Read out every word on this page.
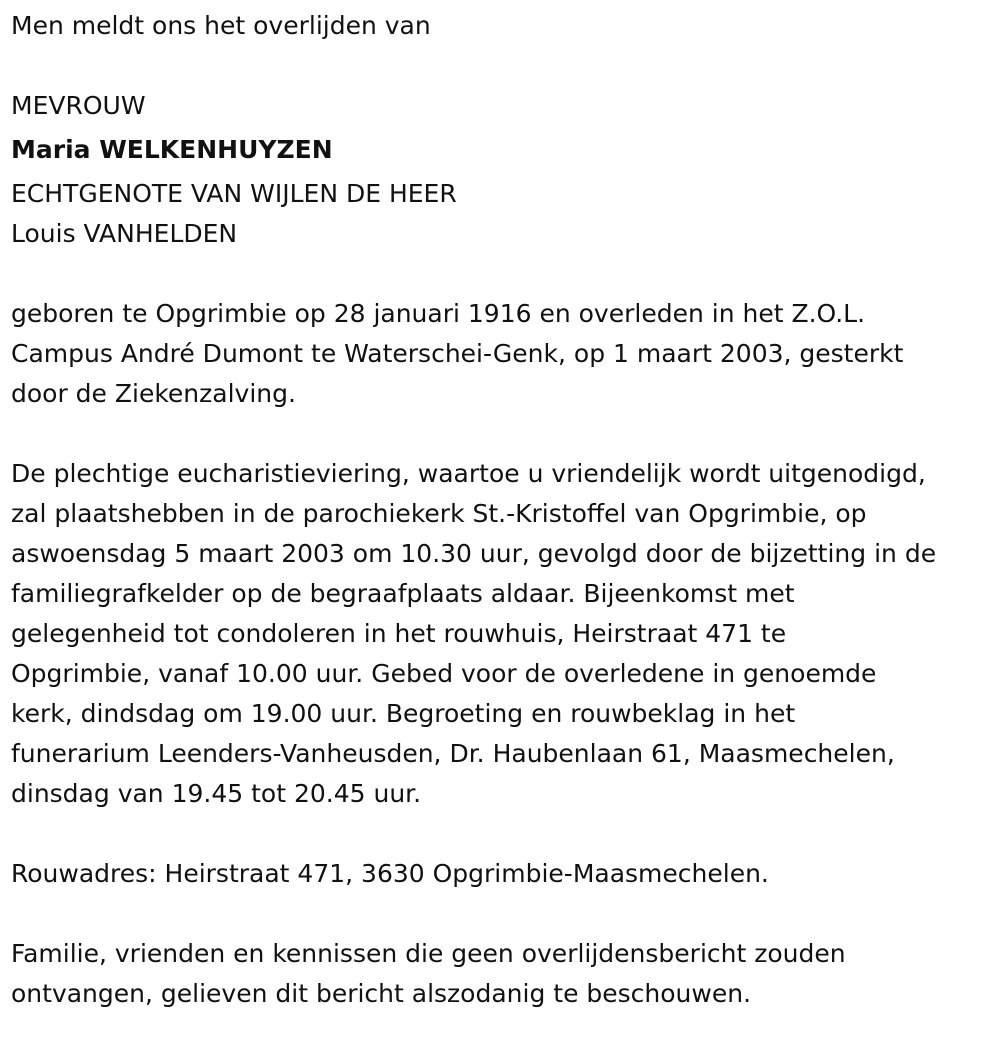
Men meldt ons het overlijden van

MEVROUW

Maria WELKENHUYZEN

ECHTGENOTE VAN WIJLEN DE HEER

Louis VANHELDEN

geboren te Opgrimbie op 28 januari 1916 en overleden in het Z.O.L.

Campus André Dumont te Waterschei-Genk, op 1 maart 2003, gesterkt

door de Ziekenzalving.

De plechtige eucharistieviering, waartoe u vriendelijk wordt uitgenodigd,

zal plaatshebben in de parochiekerk St.-Kristoffel van Opgrimbie, op

aswoensdag 5 maart 2003 om 10.30 uur, gevolgd door de bijzetting in de

familiegrafkelder op de begraafplaats aldaar. Bijeenkomst met

gelegenheid tot condoleren in het rouwhuis, Heirstraat 471 te

Opgrimbie, vanaf 10.00 uur. Gebed voor de overledene in genoemde

kerk, dindsdag om 19.00 uur. Begroeting en rouwbeklag in het

funerarium Leenders-Vanheusden, Dr. Haubenlaan 61, Maasmechelen,

dinsdag van 19.45 tot 20.45 uur.

Rouwadres: Heirstraat 471, 3630 Opgrimbie-Maasmechelen.

Familie, vrienden en kennissen die geen overlijdensbericht zouden

ontvangen, gelieven dit bericht alszodanig te beschouwen.
